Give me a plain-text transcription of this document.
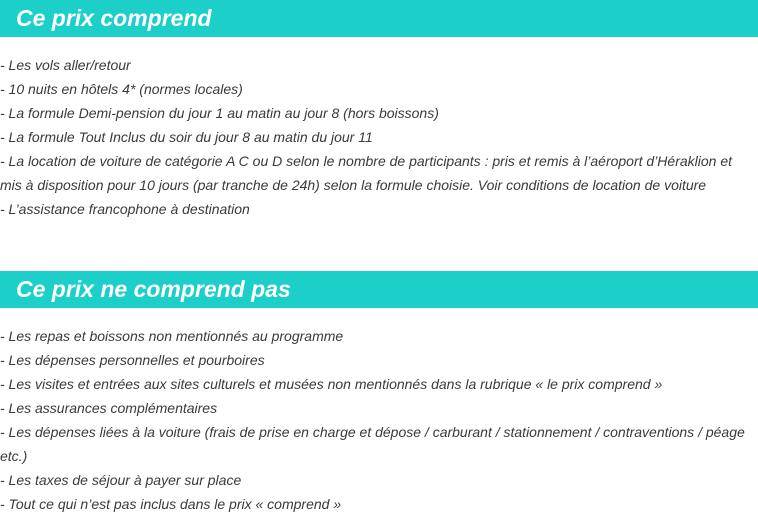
Ce prix comprend
- Les vols aller/retour
- 10 nuits en hôtels 4* (normes locales)
- La formule Demi-pension du jour 1 au matin au jour 8 (hors boissons)
- La formule Tout Inclus du soir du jour 8 au matin du jour 11
- La location de voiture de catégorie A C ou D selon le nombre de participants : pris et remis à l’aéroport d’Héraklion et mis à disposition pour 10 jours (par tranche de 24h) selon la formule choisie. Voir conditions de location de voiture
- L’assistance francophone à destination
Ce prix ne comprend pas
- Les repas et boissons non mentionnés au programme
- Les dépenses personnelles et pourboires
- Les visites et entrées aux sites culturels et musées non mentionnés dans la rubrique « le prix comprend »
- Les assurances complémentaires
- Les dépenses liées à la voiture (frais de prise en charge et dépose / carburant / stationnement / contraventions / péage etc.)
- Les taxes de séjour à payer sur place
- Tout ce qui n’est pas inclus dans le prix « comprend »
